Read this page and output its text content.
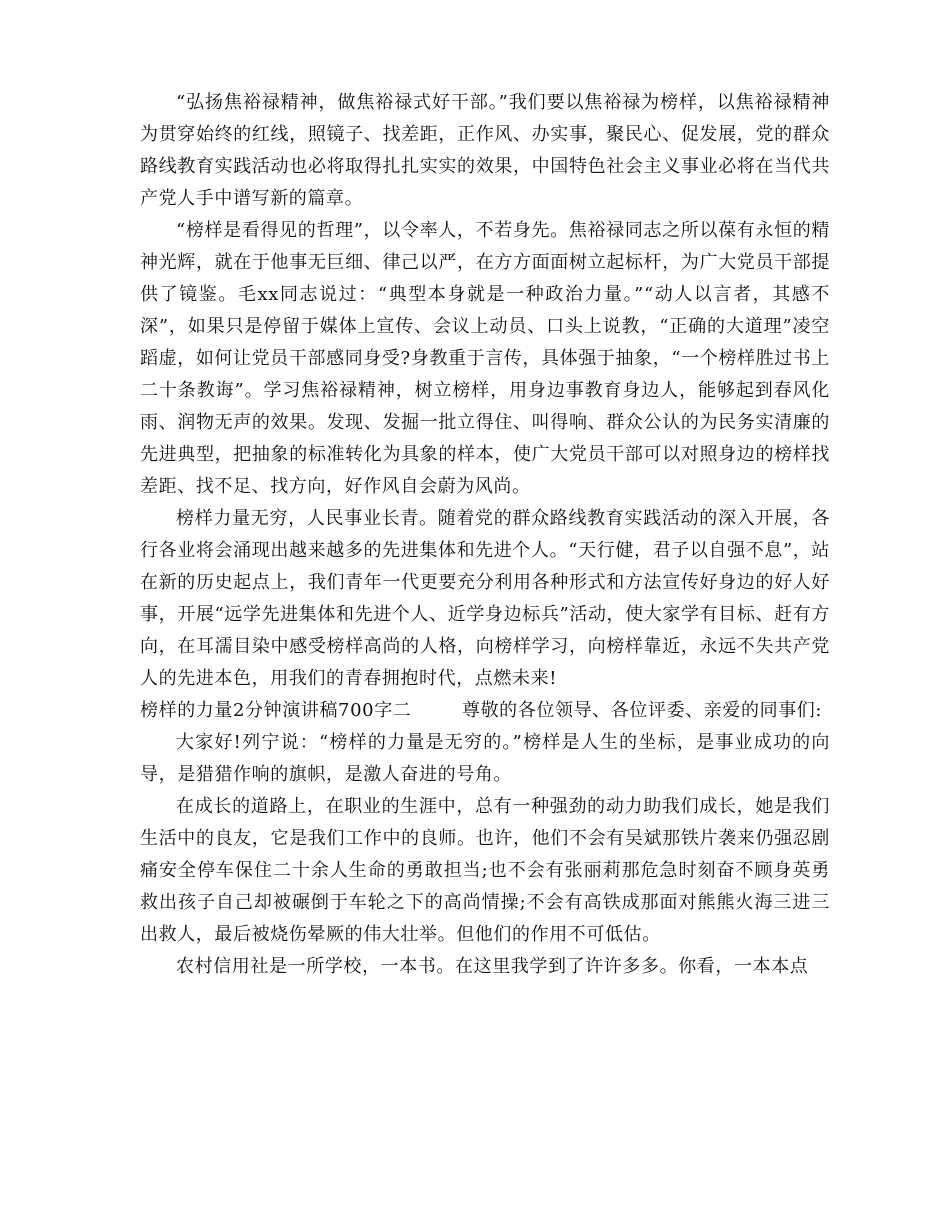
“弘扬焦裕禄精神，做焦裕禄式好干部。”我们要以焦裕禄为榜样，以焦裕禄精神为贯穿始终的红线，照镜子、找差距，正作风、办实事，聚民心、促发展，党的群众路线教育实践活动也必将取得扎扎实实的效果，中国特色社会主义事业必将在当代共产党人手中谱写新的篇章。

“榜样是看得见的哲理”，以令率人，不若身先。焦裕禄同志之所以葆有永恒的精神光辉，就在于他事无巨细、律己以严，在方方面面树立起标杆，为广大党员干部提供了镜鉴。毛xx同志说过：“典型本身就是一种政治力量。”“动人以言者，其感不深”，如果只是停留于媒体上宣传、会议上动员、口头上说教，“正确的大道理”凌空蹈虚，如何让党员干部感同身受?身教重于言传，具体强于抽象，“一个榜样胜过书上二十条教诲”。学习焦裕禄精神，树立榜样，用身边事教育身边人，能够起到春风化雨、润物无声的效果。发现、发掘一批立得住、叫得响、群众公认的为民务实清廉的先进典型，把抽象的标准转化为具象的样本，使广大党员干部可以对照身边的榜样找差距、找不足、找方向，好作风自会蔚为风尚。

榜样力量无穷，人民事业长青。随着党的群众路线教育实践活动的深入开展，各行各业将会涌现出越来越多的先进集体和先进个人。“天行健，君子以自强不息”，站在新的历史起点上，我们青年一代更要充分利用各种形式和方法宣传好身边的好人好事，开展“远学先进集体和先进个人、近学身边标兵”活动，使大家学有目标、赶有方向，在耳濡目染中感受榜样高尚的人格，向榜样学习，向榜样靠近，永远不失共产党人的先进本色，用我们的青春拥抱时代，点燃未来!

榜样的力量2分钟演讲稿700字二        尊敬的各位领导、各位评委、亲爱的同事们:

大家好!列宁说：“榜样的力量是无穷的。”榜样是人生的坐标，是事业成功的向导，是猎猎作响的旗帜，是激人奋进的号角。

在成长的道路上，在职业的生涯中，总有一种强劲的动力助我们成长，她是我们生活中的良友，它是我们工作中的良师。也许，他们不会有吴斌那铁片袭来仍强忍剧痛安全停车保住二十余人生命的勇敢担当;也不会有张丽莉那危急时刻奋不顾身英勇救出孩子自己却被碾倒于车轮之下的高尚情操;不会有高铁成那面对熊熊火海三进三出救人，最后被烧伤晕厥的伟大壮举。但他们的作用不可低估。

农村信用社是一所学校，一本书。在这里我学到了许许多多。你看，一本本点
